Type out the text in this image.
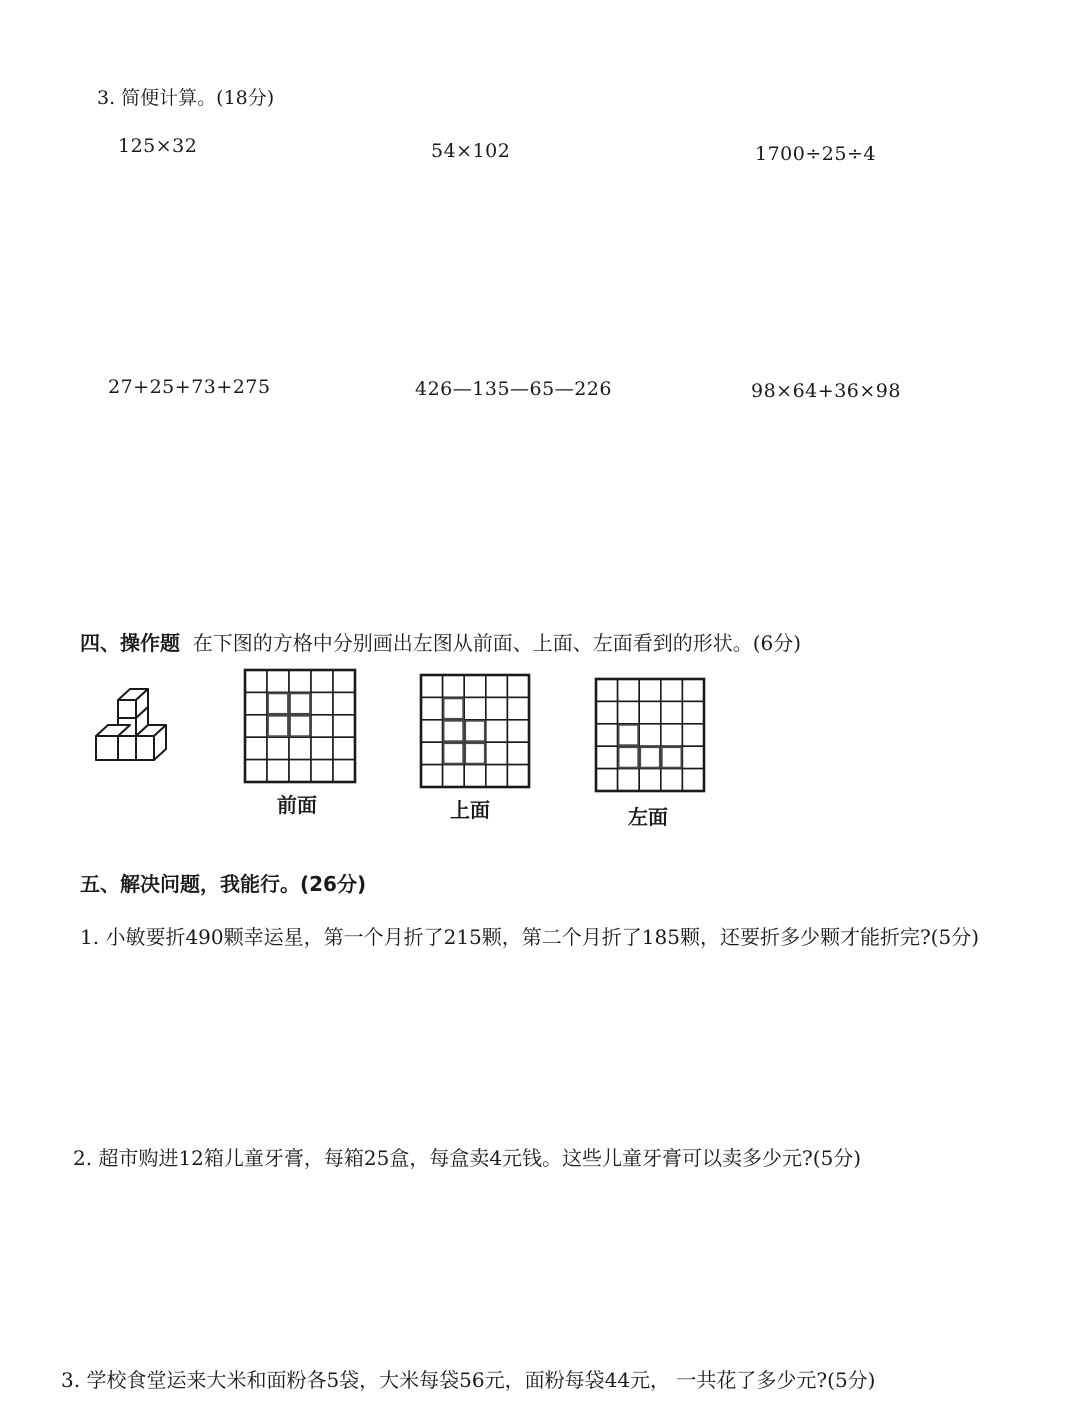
3. 简便计算。(18分)
125×32	54×102	1700÷25÷4
27+25+73+275	426—135—65—226	98×64+36×98
四、操作题 在下图的方格中分别画出左图从前面、上面、左面看到的形状。(6分)
前面	上面	左面
五、解决问题，我能行。(26分)
1. 小敏要折490颗幸运星，第一个月折了215颗，第二个月折了185颗，还要折多少颗才能折完?(5分)
2. 超市购进12箱儿童牙膏，每箱25盒，每盒卖4元钱。这些儿童牙膏可以卖多少元?(5分)
3. 学校食堂运来大米和面粉各5袋，大米每袋56元，面粉每袋44元， 一共花了多少元?(5分)
